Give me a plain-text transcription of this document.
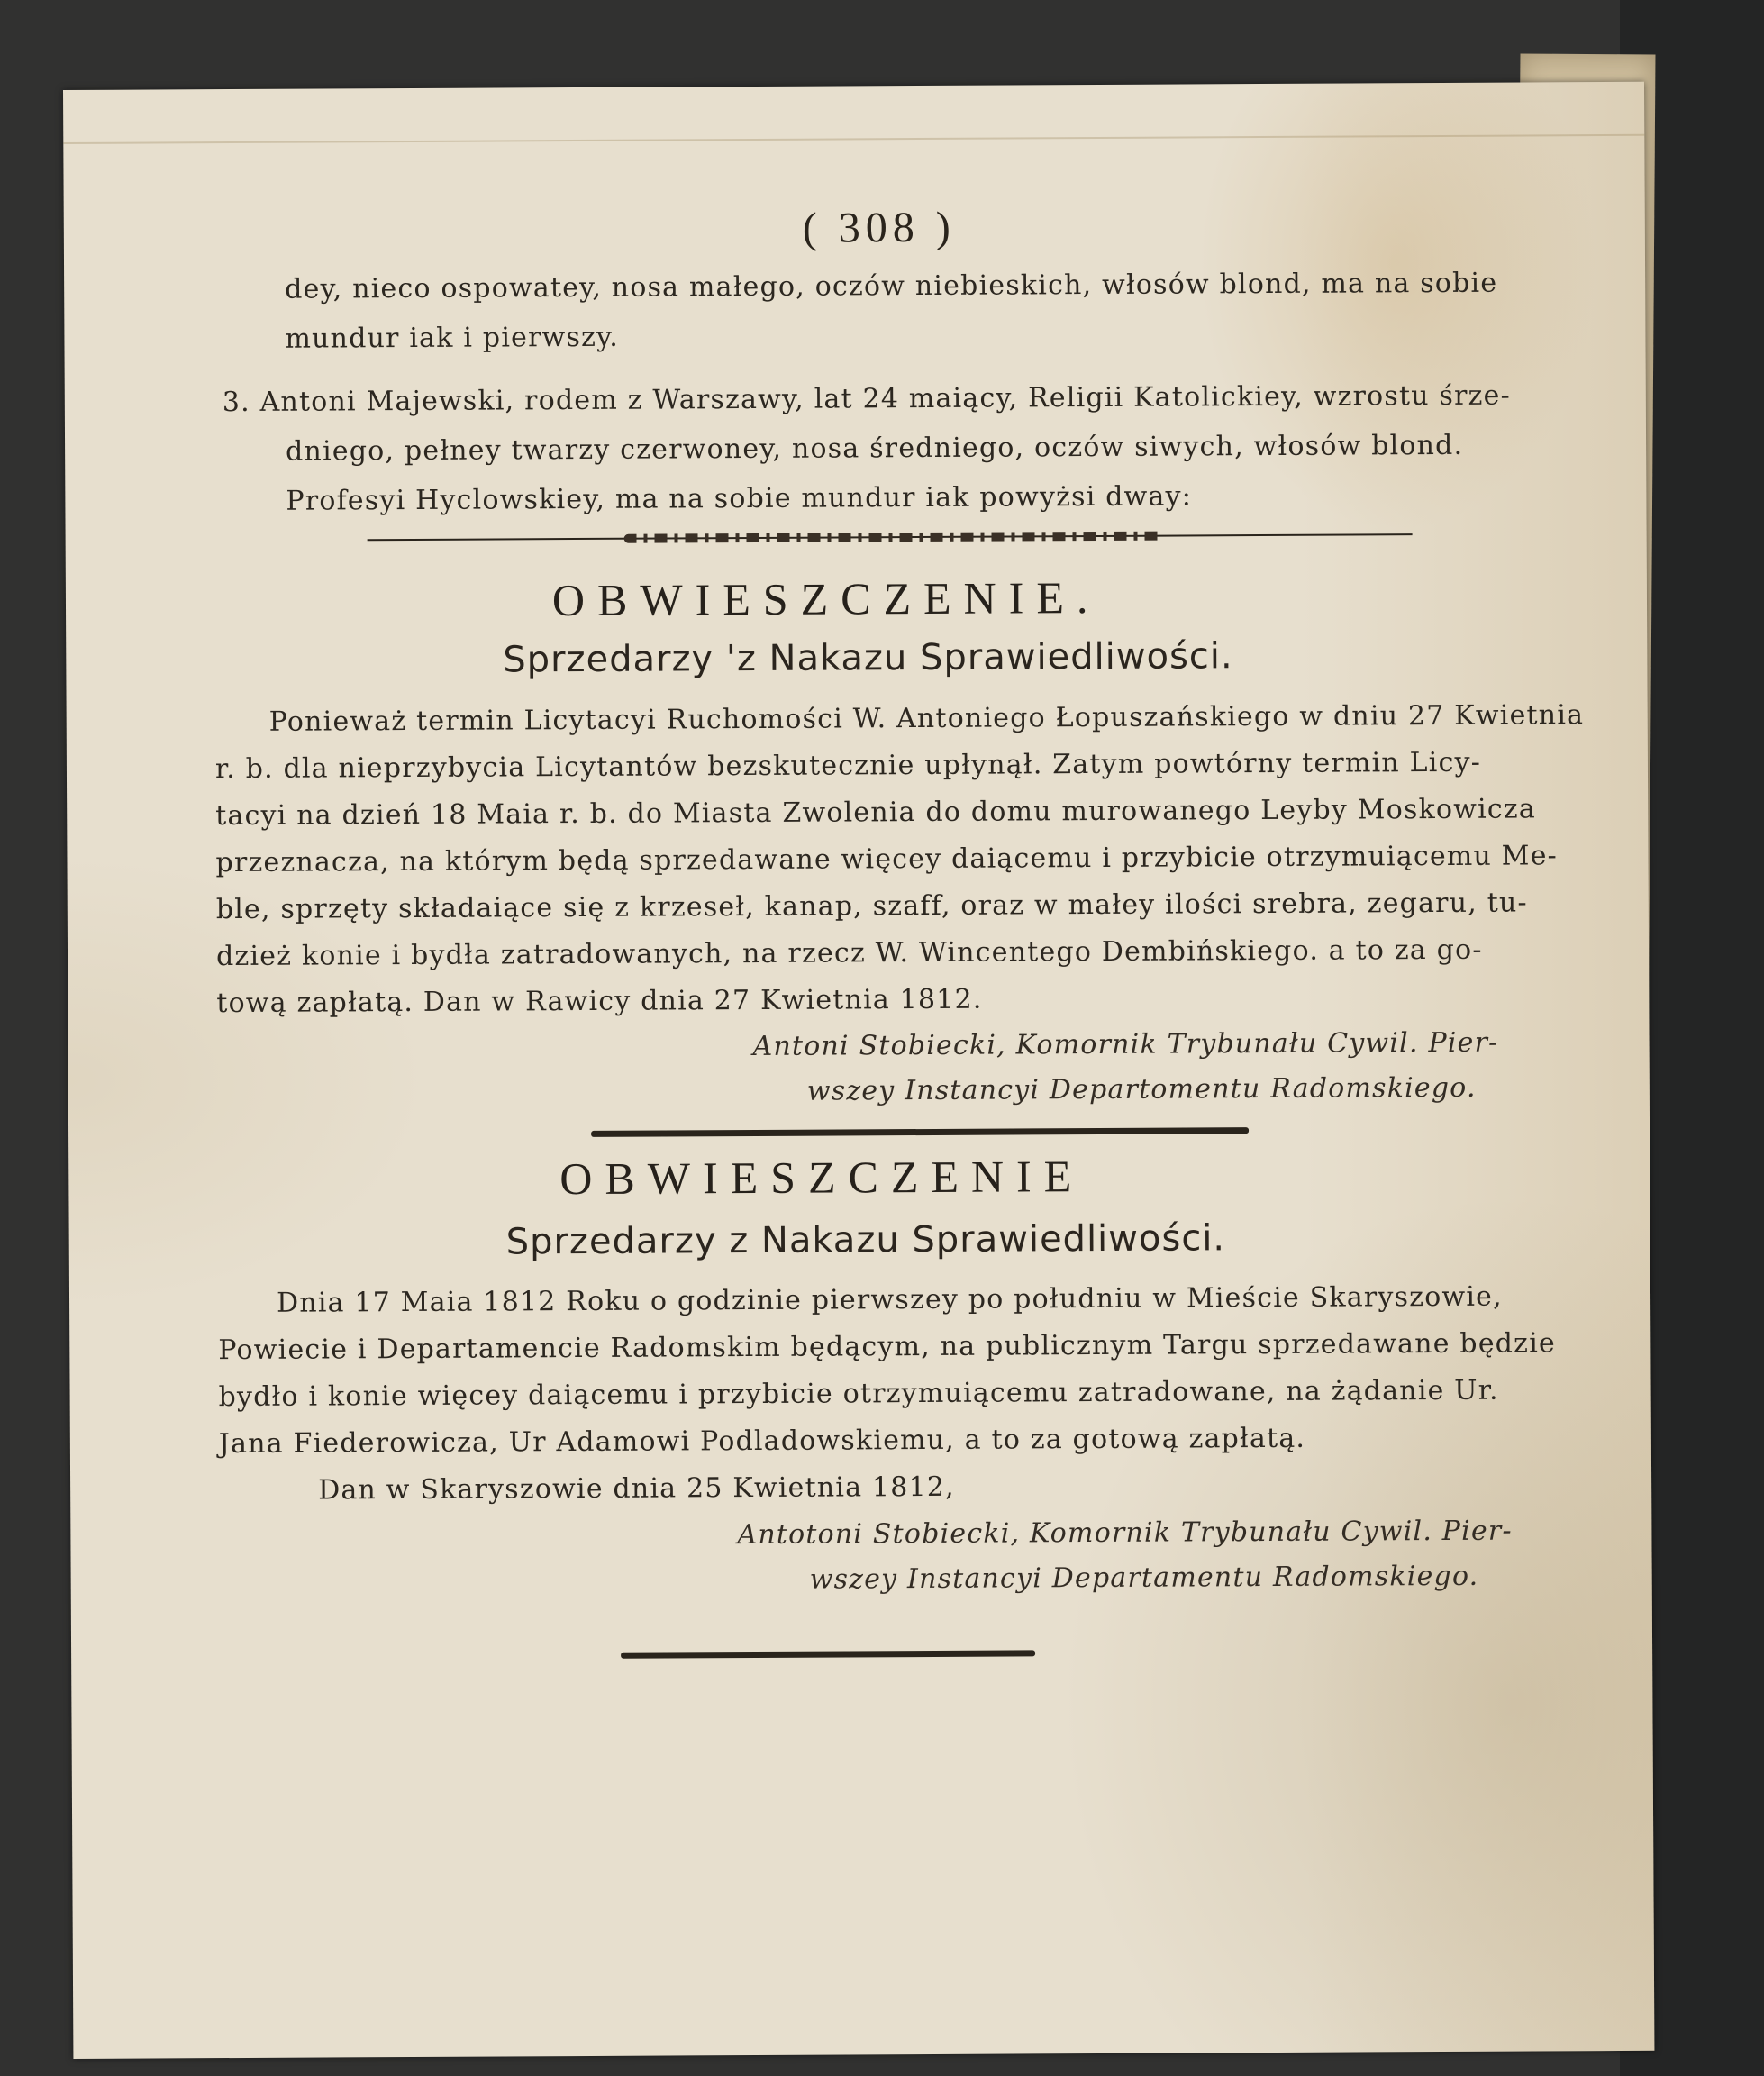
( 308 )
dey, nieco ospowatey, nosa małego, oczów niebieskich, włosów blond, ma na sobie
mundur iak i pierwszy.
3. Antoni Majewski, rodem z Warszawy, lat 24 maiący, Religii Katolickiey, wzrostu śrze-
dniego, pełney twarzy czerwoney, nosa średniego, oczów siwych, włosów blond.
Profesyi Hyclowskiey, ma na sobie mundur iak powyżsi dway:
OBWIESZCZENIE.
Sprzedarzy 'z Nakazu Sprawiedliwości.
Ponieważ termin Licytacyi Ruchomości W. Antoniego Łopuszańskiego w dniu 27 Kwietnia
r. b. dla nieprzybycia Licytantów bezskutecznie upłynął. Zatym powtórny termin Licy-
tacyi na dzień 18 Maia r. b. do Miasta Zwolenia do domu murowanego Leyby Moskowicza
przeznacza, na którym będą sprzedawane więcey daiącemu i przybicie otrzymuiącemu Me-
ble, sprzęty składaiące się z krzeseł, kanap, szaff, oraz w małey ilości srebra, zegaru, tu-
dzież konie i bydła zatradowanych, na rzecz W. Wincentego Dembińskiego. a to za go-
tową zapłatą. Dan w Rawicy dnia 27 Kwietnia 1812.
Antoni Stobiecki, Komornik Trybunału Cywil. Pier-
wszey Instancyi Departomentu Radomskiego.
OBWIESZCZENIE
Sprzedarzy z Nakazu Sprawiedliwości.
Dnia 17 Maia 1812 Roku o godzinie pierwszey po południu w Mieście Skaryszowie,
Powiecie i Departamencie Radomskim będącym, na publicznym Targu sprzedawane będzie
bydło i konie więcey daiącemu i przybicie otrzymuiącemu zatradowane, na żądanie Ur.
Jana Fiederowicza, Ur Adamowi Podladowskiemu, a to za gotową zapłatą.
Dan w Skaryszowie dnia 25 Kwietnia 1812,
Antotoni Stobiecki, Komornik Trybunału Cywil. Pier-
wszey Instancyi Departamentu Radomskiego.
